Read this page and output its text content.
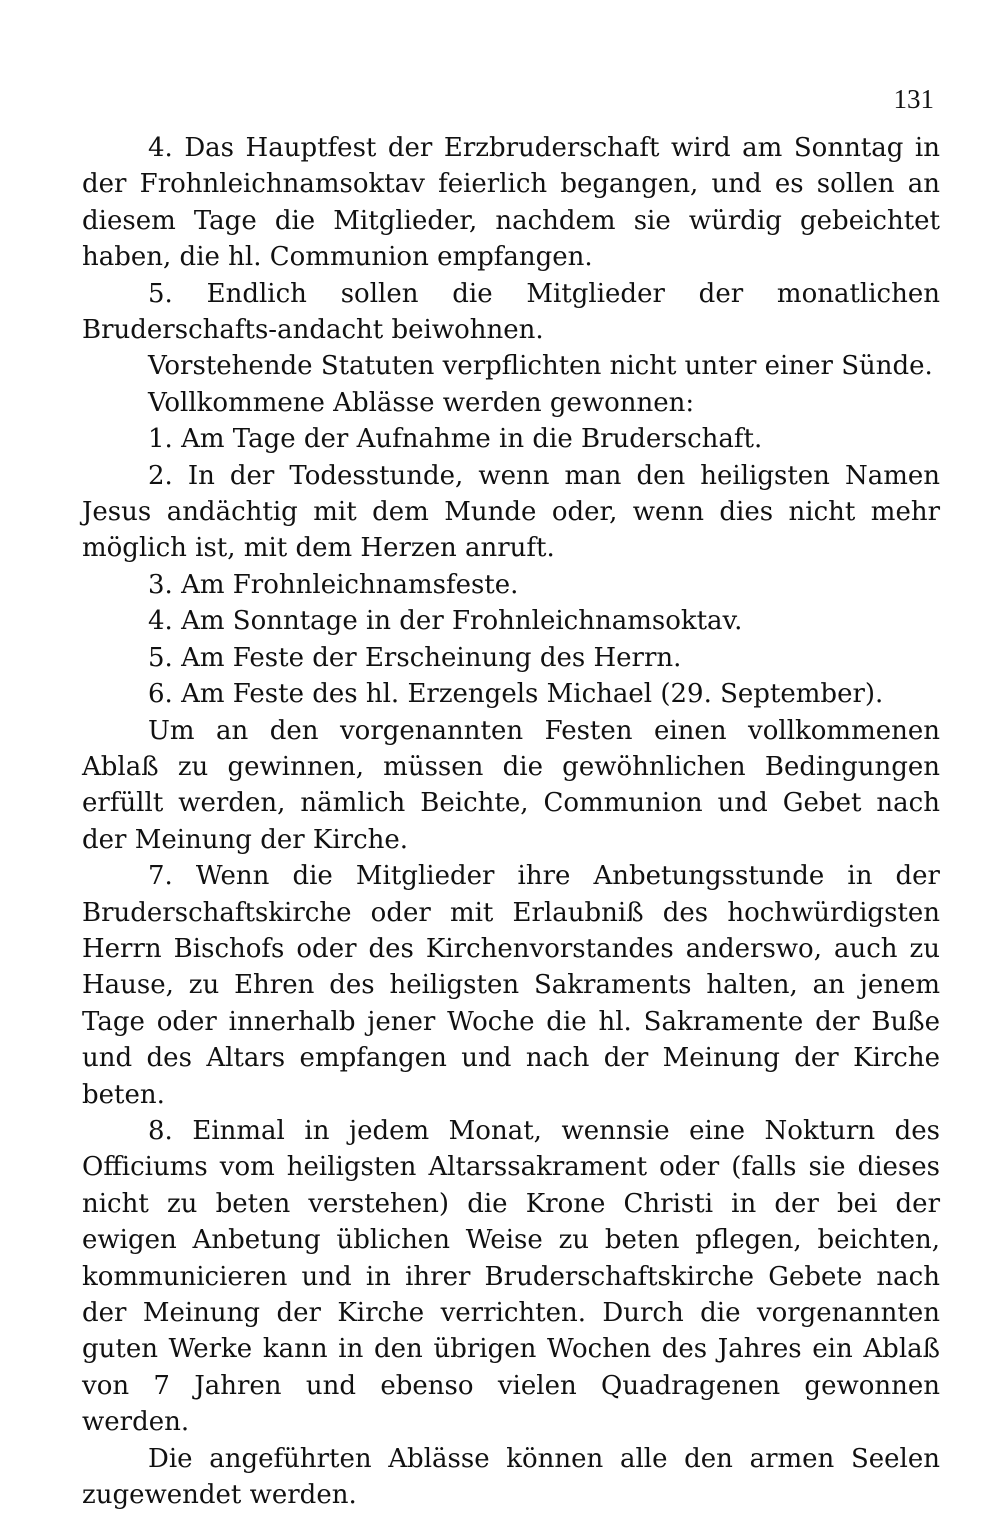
131

4. Das Hauptfest der Erzbruderschaft wird am Sonntag in der Frohnleichnamsoktav feierlich begangen, und es sollen an diesem Tage die Mitglieder, nachdem sie würdig gebeichtet haben, die hl. Communion empfangen.

5. Endlich sollen die Mitglieder der monatlichen Bruderschafts-andacht beiwohnen.

Vorstehende Statuten verpflichten nicht unter einer Sünde.

Vollkommene Ablässe werden gewonnen:

1. Am Tage der Aufnahme in die Bruderschaft.

2. In der Todesstunde, wenn man den heiligsten Namen Jesus andächtig mit dem Munde oder, wenn dies nicht mehr möglich ist, mit dem Herzen anruft.

3. Am Frohnleichnamsfeste.

4. Am Sonntage in der Frohnleichnamsoktav.

5. Am Feste der Erscheinung des Herrn.

6. Am Feste des hl. Erzengels Michael (29. September).

Um an den vorgenannten Festen einen vollkommenen Ablaß zu gewinnen, müssen die gewöhnlichen Bedingungen erfüllt werden, nämlich Beichte, Communion und Gebet nach der Meinung der Kirche.

7. Wenn die Mitglieder ihre Anbetungsstunde in der Bruderschaftskirche oder mit Erlaubniß des hochwürdigsten Herrn Bischofs oder des Kirchenvorstandes anderswo, auch zu Hause, zu Ehren des heiligsten Sakraments halten, an jenem Tage oder innerhalb jener Woche die hl. Sakramente der Buße und des Altars empfangen und nach der Meinung der Kirche beten.

8. Einmal in jedem Monat, wennsie eine Nokturn des Officiums vom heiligsten Altarssakrament oder (falls sie dieses nicht zu beten verstehen) die Krone Christi in der bei der ewigen Anbetung üblichen Weise zu beten pflegen, beichten, kommunicieren und in ihrer Bruderschaftskirche Gebete nach der Meinung der Kirche verrichten. Durch die vorgenannten guten Werke kann in den übrigen Wochen des Jahres ein Ablaß von 7 Jahren und ebenso vielen Quadragenen gewonnen werden.

Die angeführten Ablässe können alle den armen Seelen zugewendet werden.
